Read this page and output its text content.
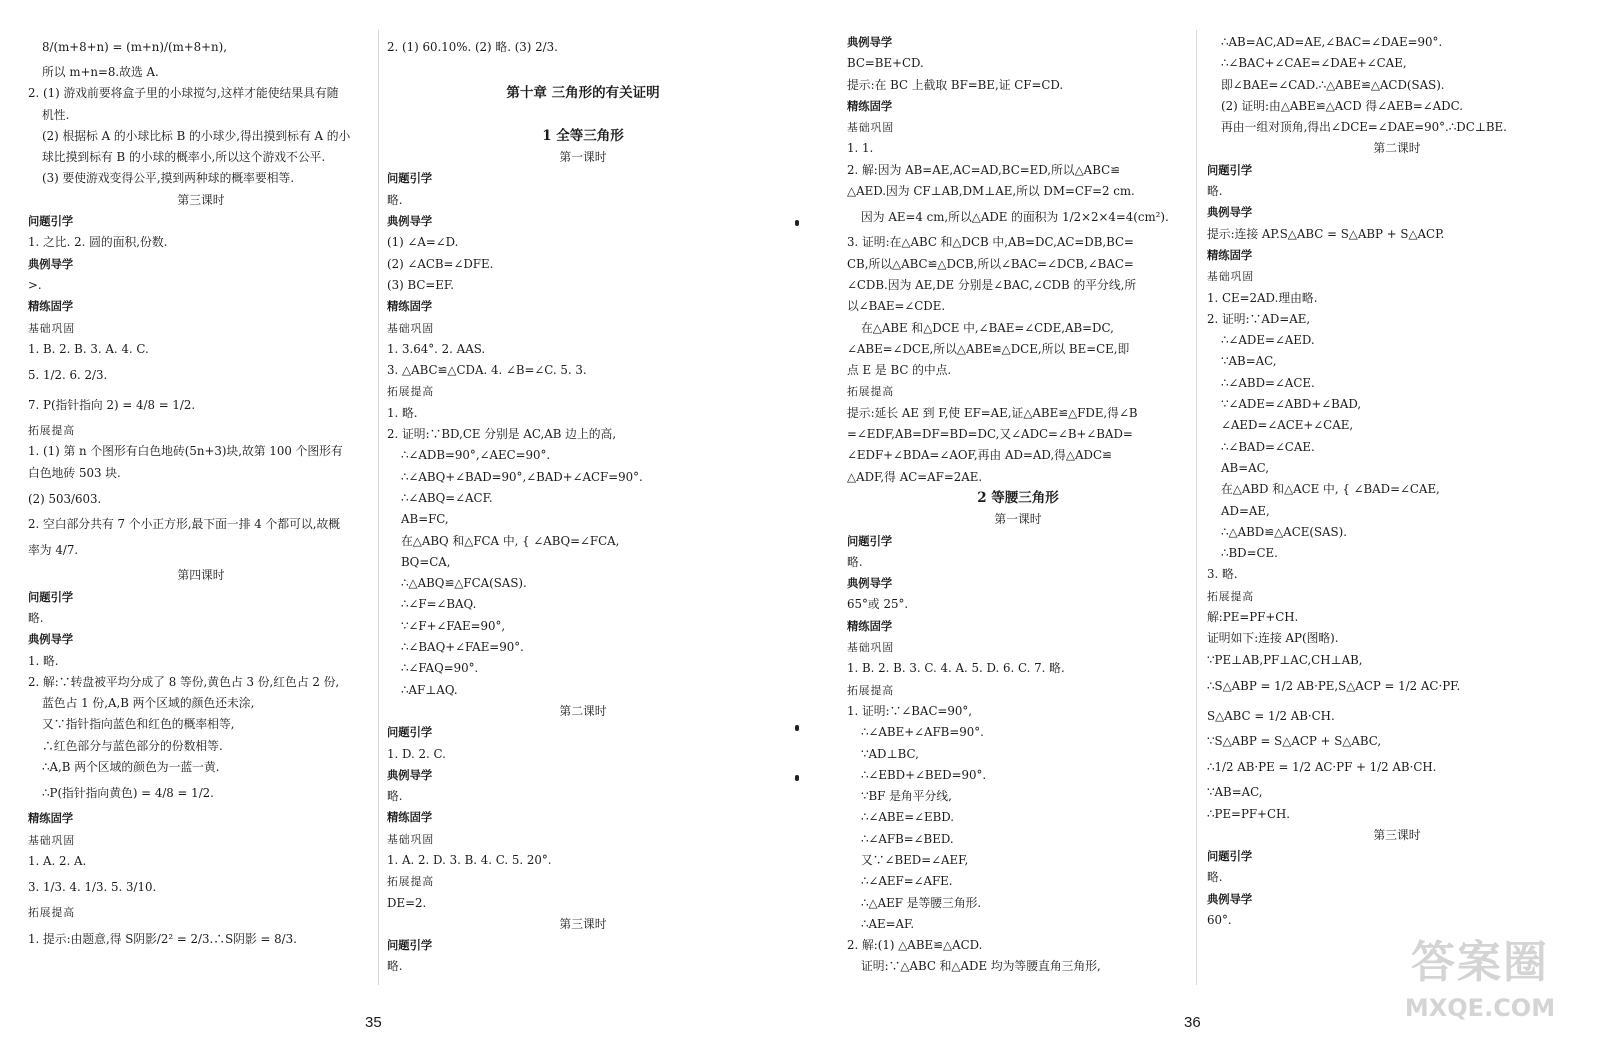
8/(m+8+n) = (m+n)/(m+8+n),
所以 m+n=8.故选 A.
2. (1) 游戏前要将盒子里的小球搅匀,这样才能使结果具有随
机性.
(2) 根据标 A 的小球比标 B 的小球少,得出摸到标有 A 的小
球比摸到标有 B 的小球的概率小,所以这个游戏不公平.
(3) 要使游戏变得公平,摸到两种球的概率要相等.
第三课时
问题引学
1. 之比. 2. 圆的面积,份数.
典例导学
>.
精练固学
基础巩固
1. B. 2. B. 3. A. 4. C.
5. 1/2. 6. 2/3.
7. P(指针指向 2) = 4/8 = 1/2.
拓展提高
1. (1) 第 n 个图形有白色地砖(5n+3)块,故第 100 个图形有
白色地砖 503 块.
(2) 503/603.
2. 空白部分共有 7 个小正方形,最下面一排 4 个都可以,故概
率为 4/7.
第四课时
问题引学
略.
典例导学
1. 略.
2. 解:∵转盘被平均分成了 8 等份,黄色占 3 份,红色占 2 份,
蓝色占 1 份,A,B 两个区域的颜色还未涂,
又∵指针指向蓝色和红色的概率相等,
∴红色部分与蓝色部分的份数相等.
∴A,B 两个区域的颜色为一蓝一黄.
∴P(指针指向黄色) = 4/8 = 1/2.
精练固学
基础巩固
1. A. 2. A.
3. 1/3. 4. 1/3. 5. 3/10.
拓展提高
1. 提示:由题意,得 S阴影/2² = 2/3.∴S阴影 = 8/3.
2. (1) 60.10%. (2) 略. (3) 2/3.
第十章 三角形的有关证明
1 全等三角形
第一课时
问题引学
略.
典例导学
(1) ∠A=∠D.
(2) ∠ACB=∠DFE.
(3) BC=EF.
精练固学
基础巩固
1. 3.64°. 2. AAS.
3. △ABC≌△CDA. 4. ∠B=∠C. 5. 3.
拓展提高
1. 略.
2. 证明:∵BD,CE 分别是 AC,AB 边上的高,
∴∠ADB=90°,∠AEC=90°.
∴∠ABQ+∠BAD=90°,∠BAD+∠ACF=90°.
∴∠ABQ=∠ACF.
AB=FC,
在△ABQ 和△FCA 中, { ∠ABQ=∠FCA,
BQ=CA,
∴△ABQ≌△FCA(SAS).
∴∠F=∠BAQ.
∵∠F+∠FAE=90°,
∴∠BAQ+∠FAE=90°.
∴∠FAQ=90°.
∴AF⊥AQ.
第二课时
问题引学
1. D. 2. C.
典例导学
略.
精练固学
基础巩固
1. A. 2. D. 3. B. 4. C. 5. 20°.
拓展提高
DE=2.
第三课时
问题引学
略.
典例导学
BC=BE+CD.
提示:在 BC 上截取 BF=BE,证 CF=CD.
精练固学
基础巩固
1. 1.
2. 解:因为 AB=AE,AC=AD,BC=ED,所以△ABC≌
△AED.因为 CF⊥AB,DM⊥AE,所以 DM=CF=2 cm.
因为 AE=4 cm,所以△ADE 的面积为 1/2×2×4=4(cm²).
3. 证明:在△ABC 和△DCB 中,AB=DC,AC=DB,BC=
CB,所以△ABC≌△DCB,所以∠BAC=∠DCB,∠BAC=
∠CDB.因为 AE,DE 分别是∠BAC,∠CDB 的平分线,所
以∠BAE=∠CDE.
在△ABE 和△DCE 中,∠BAE=∠CDE,AB=DC,
∠ABE=∠DCE,所以△ABE≌△DCE,所以 BE=CE,即
点 E 是 BC 的中点.
拓展提高
提示:延长 AE 到 F,使 EF=AE,证△ABE≌△FDE,得∠B
=∠EDF,AB=DF=BD=DC,又∠ADC=∠B+∠BAD=
∠EDF+∠BDA=∠AOF,再由 AD=AD,得△ADC≌
△ADF,得 AC=AF=2AE.
2 等腰三角形
第一课时
问题引学
略.
典例导学
65°或 25°.
精练固学
基础巩固
1. B. 2. B. 3. C. 4. A. 5. D. 6. C. 7. 略.
拓展提高
1. 证明:∵∠BAC=90°,
∴∠ABE+∠AFB=90°.
∵AD⊥BC,
∴∠EBD+∠BED=90°.
∵BF 是角平分线,
∴∠ABE=∠EBD.
∴∠AFB=∠BED.
又∵∠BED=∠AEF,
∴∠AEF=∠AFE.
∴△AEF 是等腰三角形.
∴AE=AF.
2. 解:(1) △ABE≌△ACD.
证明:∵△ABC 和△ADE 均为等腰直角三角形,
∴AB=AC,AD=AE,∠BAC=∠DAE=90°.
∴∠BAC+∠CAE=∠DAE+∠CAE,
即∠BAE=∠CAD.∴△ABE≌△ACD(SAS).
(2) 证明:由△ABE≌△ACD 得∠AEB=∠ADC.
再由一组对顶角,得出∠DCE=∠DAE=90°.∴DC⊥BE.
第二课时
问题引学
略.
典例导学
提示:连接 AP.S△ABC = S△ABP + S△ACP.
精练固学
基础巩固
1. CE=2AD.理由略.
2. 证明:∵AD=AE,
∴∠ADE=∠AED.
∵AB=AC,
∴∠ABD=∠ACE.
∵∠ADE=∠ABD+∠BAD,
∠AED=∠ACE+∠CAE,
∴∠BAD=∠CAE.
AB=AC,
在△ABD 和△ACE 中, { ∠BAD=∠CAE,
AD=AE,
∴△ABD≌△ACE(SAS).
∴BD=CE.
3. 略.
拓展提高
解:PE=PF+CH.
证明如下:连接 AP(图略).
∵PE⊥AB,PF⊥AC,CH⊥AB,
∴S△ABP = 1/2 AB·PE,S△ACP = 1/2 AC·PF.
S△ABC = 1/2 AB·CH.
∵S△ABP = S△ACP + S△ABC,
∴1/2 AB·PE = 1/2 AC·PF + 1/2 AB·CH.
∵AB=AC,
∴PE=PF+CH.
第三课时
问题引学
略.
典例导学
60°.
35	36
答案圈
MXQE.COM
